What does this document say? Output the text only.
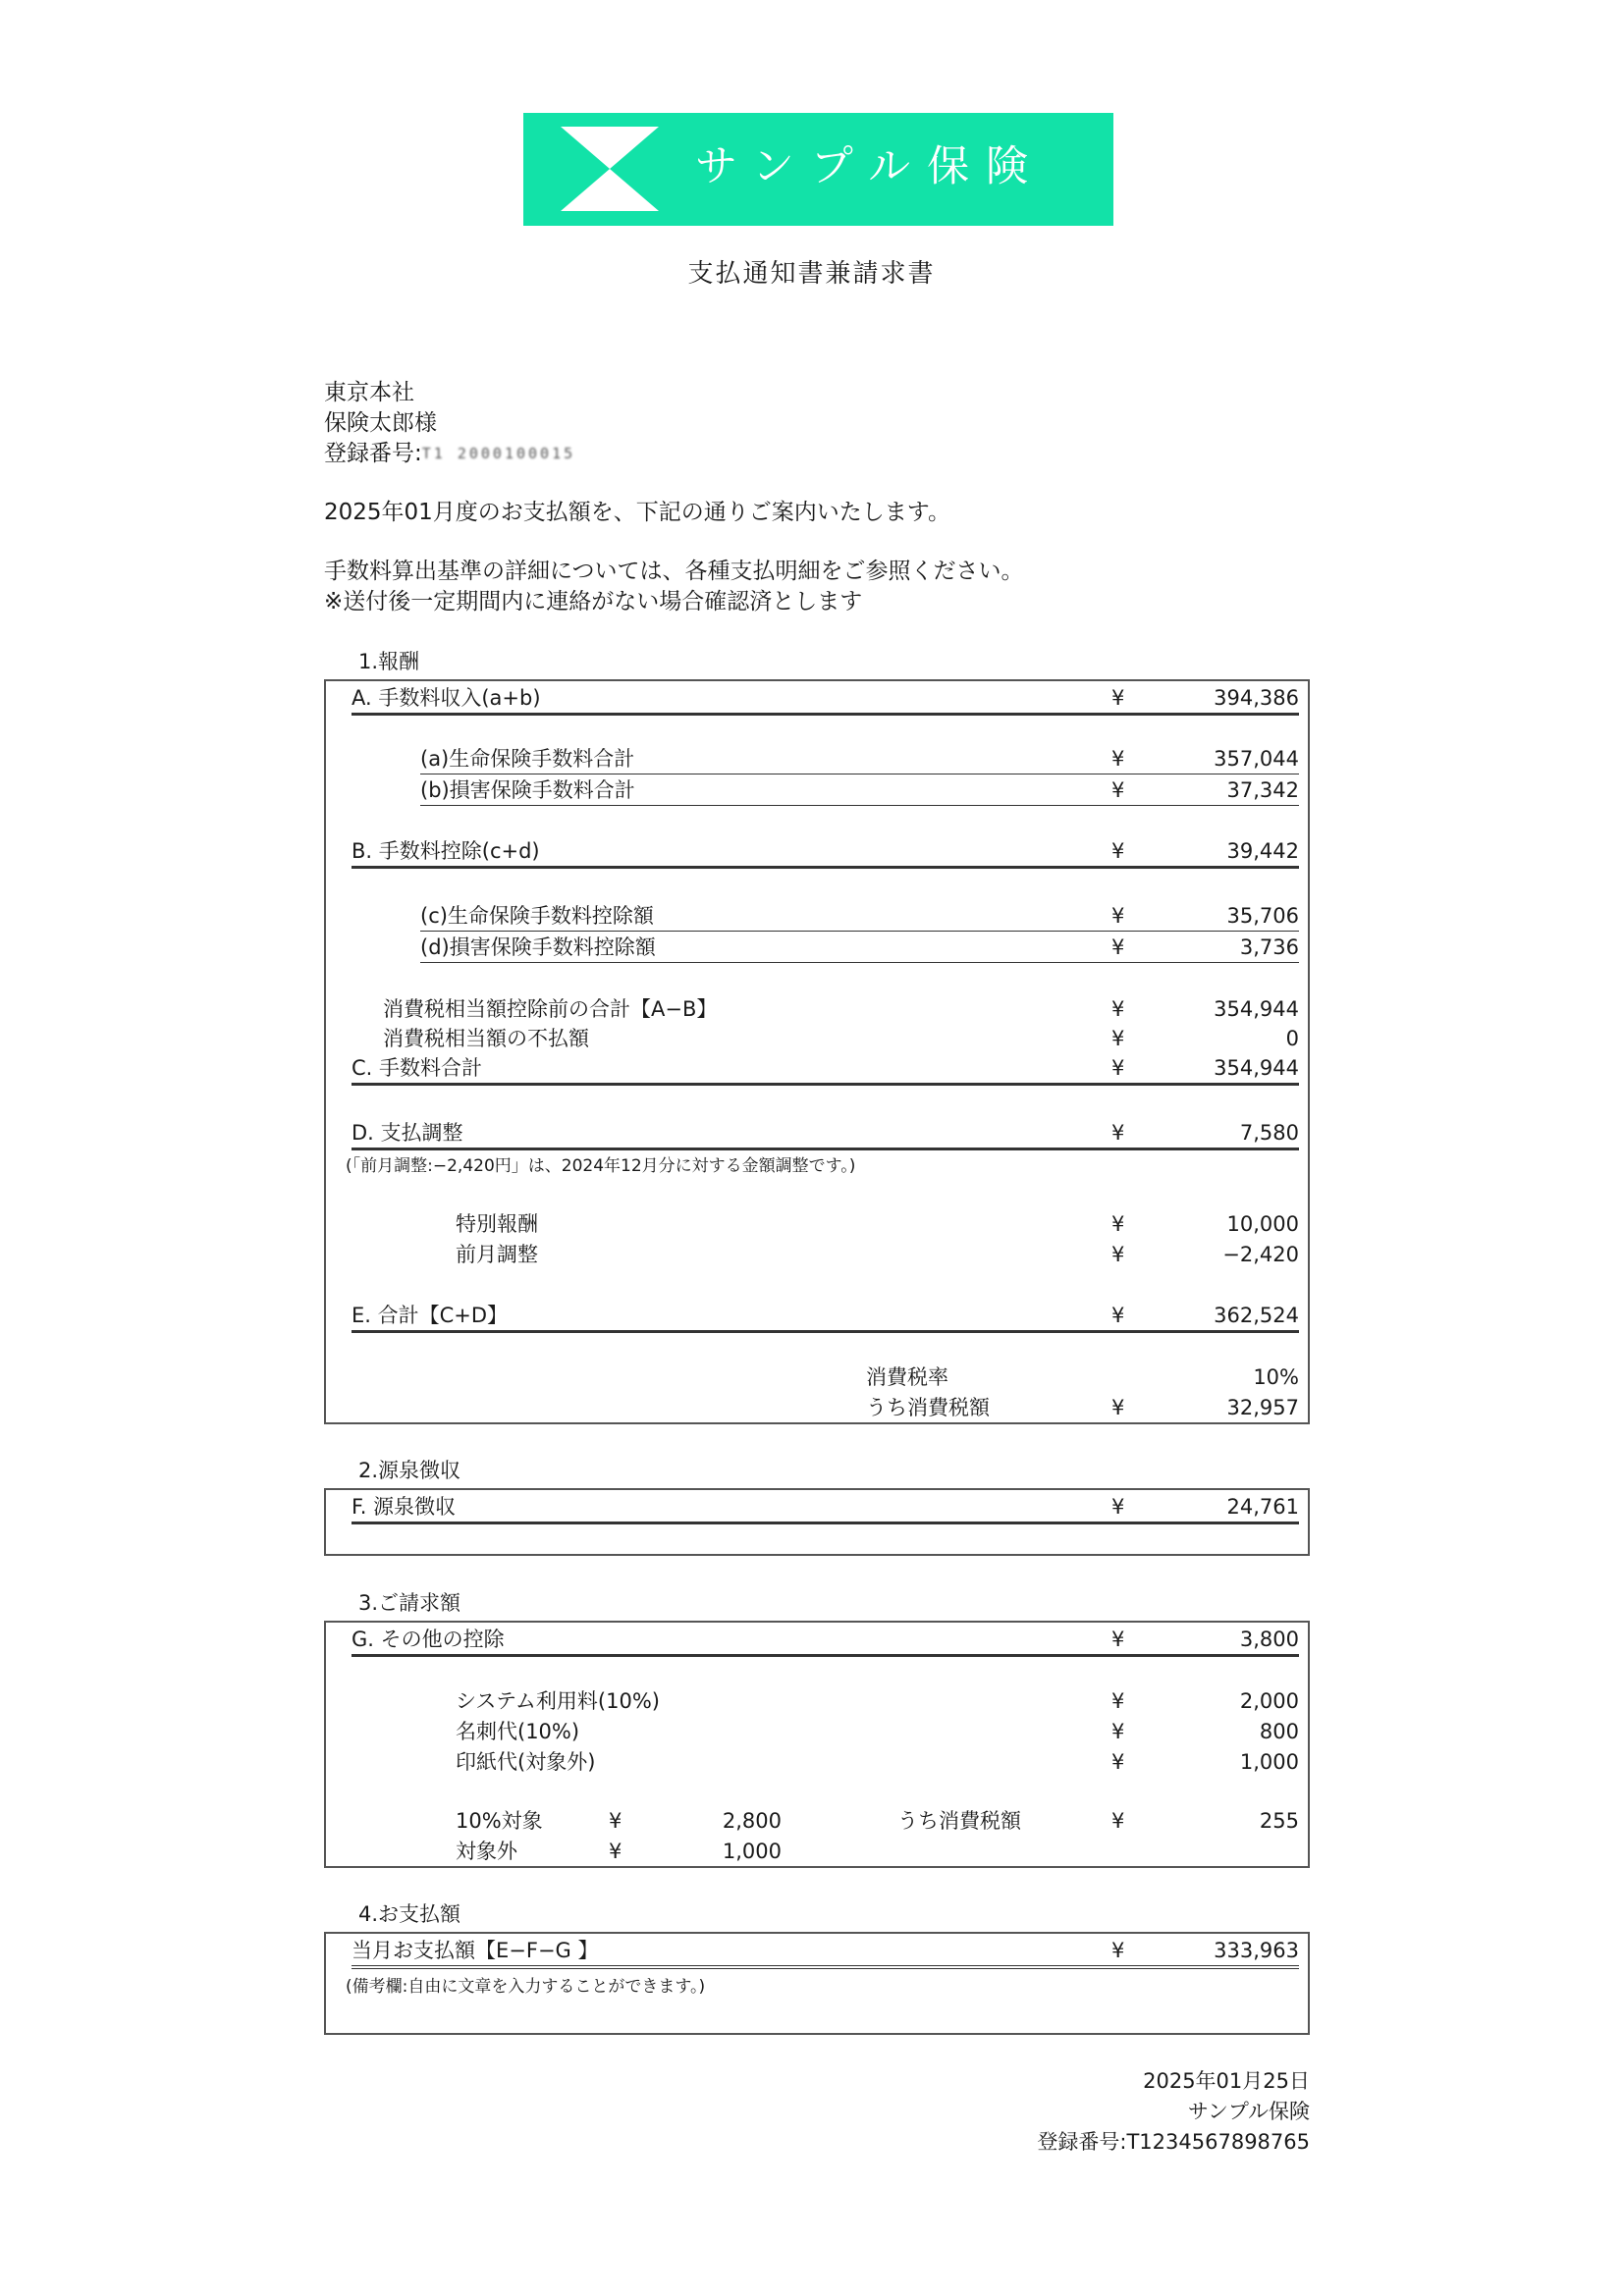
サンプル保険
支払通知書兼請求書
東京本社
保険太郎様
登録番号:T1 2000100015
2025年01月度のお支払額を、下記の通りご案内いたします。
手数料算出基準の詳細については、各種支払明細をご参照ください。
※送付後一定期間内に連絡がない場合確認済とします
1.報酬
A. 手数料収入(a+b)	¥	394,386
(a)生命保険手数料合計	¥	357,044
(b)損害保険手数料合計	¥	37,342
B. 手数料控除(c+d)	¥	39,442
(c)生命保険手数料控除額	¥	35,706
(d)損害保険手数料控除額	¥	3,736
消費税相当額控除前の合計【A−B】	¥	354,944
消費税相当額の不払額	¥	0
C. 手数料合計	¥	354,944
D. 支払調整	¥	7,580
(「前月調整:−2,420円」は、2024年12月分に対する金額調整です。)
特別報酬	¥	10,000
前月調整	¥	−2,420
E. 合計【C+D】	¥	362,524
消費税率	10%
うち消費税額	¥	32,957
2.源泉徴収
F. 源泉徴収	¥	24,761
3.ご請求額
G. その他の控除	¥	3,800
システム利用料(10%)	¥	2,000
名刺代(10%)	¥	800
印紙代(対象外)	¥	1,000
10%対象	¥	2,800
対象外	¥	1,000
うち消費税額	¥	255
4.お支払額
当月お支払額【E−F−G 】	¥	333,963
(備考欄:自由に文章を入力することができます。)
2025年01月25日
サンプル保険
登録番号:T1234567898765
